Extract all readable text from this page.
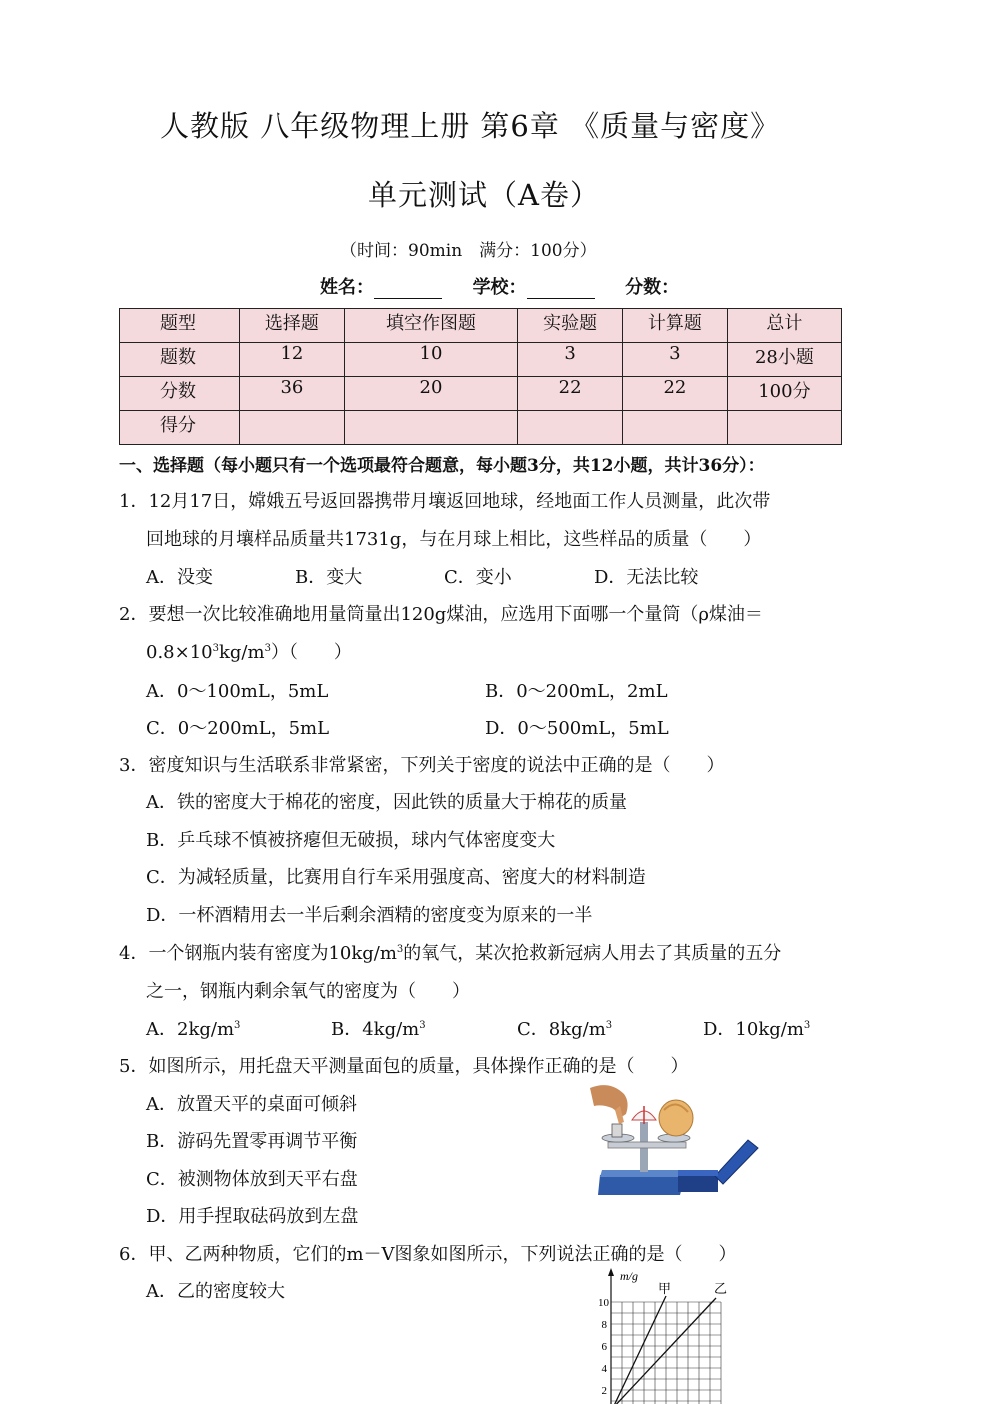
人教版 八年级物理上册 第6章 《质量与密度》
单元测试（A卷）
（时间：90min　满分：100分）
姓名：	学校：	分数：
题型	选择题	填空作图题	实验题	计算题	总计
题数	12	10	3	3	28小题
分数	36	20	22	22	100分
得分					
一、选择题（每小题只有一个选项最符合题意，每小题3分，共12小题，共计36分）：
1．12月17日，嫦娥五号返回器携带月壤返回地球，经地面工作人员测量，此次带
回地球的月壤样品质量共1731g，与在月球上相比，这些样品的质量（　　）
A．没变	B．变大	C．变小	D．无法比较
2．要想一次比较准确地用量筒量出120g煤油，应选用下面哪一个量筒（ρ煤油＝
$0.8\times 10^3kg/m^3$）（　　）
A．0～100mL，5mL	B．0～200mL，2mL
C．0～200mL，5mL	D．0～500mL，5mL
3．密度知识与生活联系非常紧密，下列关于密度的说法中正确的是（　　）
A．铁的密度大于棉花的密度，因此铁的质量大于棉花的质量
B．乒乓球不慎被挤瘪但无破损，球内气体密度变大
C．为减轻质量，比赛用自行车采用强度高、密度大的材料制造
D．一杯酒精用去一半后剩余酒精的密度变为原来的一半
4．一个钢瓶内装有密度为$10kg/m^3$的氧气，某次抢救新冠病人用去了其质量的五分
之一，钢瓶内剩余氧气的密度为（　　）
A．$2kg/m^3$	B．$4kg/m^3$	C．$8kg/m^3$	D．$10kg/m^3$
5．如图所示，用托盘天平测量面包的质量，具体操作正确的是（　　）
A．放置天平的桌面可倾斜
B．游码先置零再调节平衡
C．被测物体放到天平右盘
D．用手捏取砝码放到左盘
6．甲、乙两种物质，它们的m－V图象如图所示，下列说法正确的是（　　）
A．乙的密度较大
m/g
甲	乙
10
8
6
4
2
